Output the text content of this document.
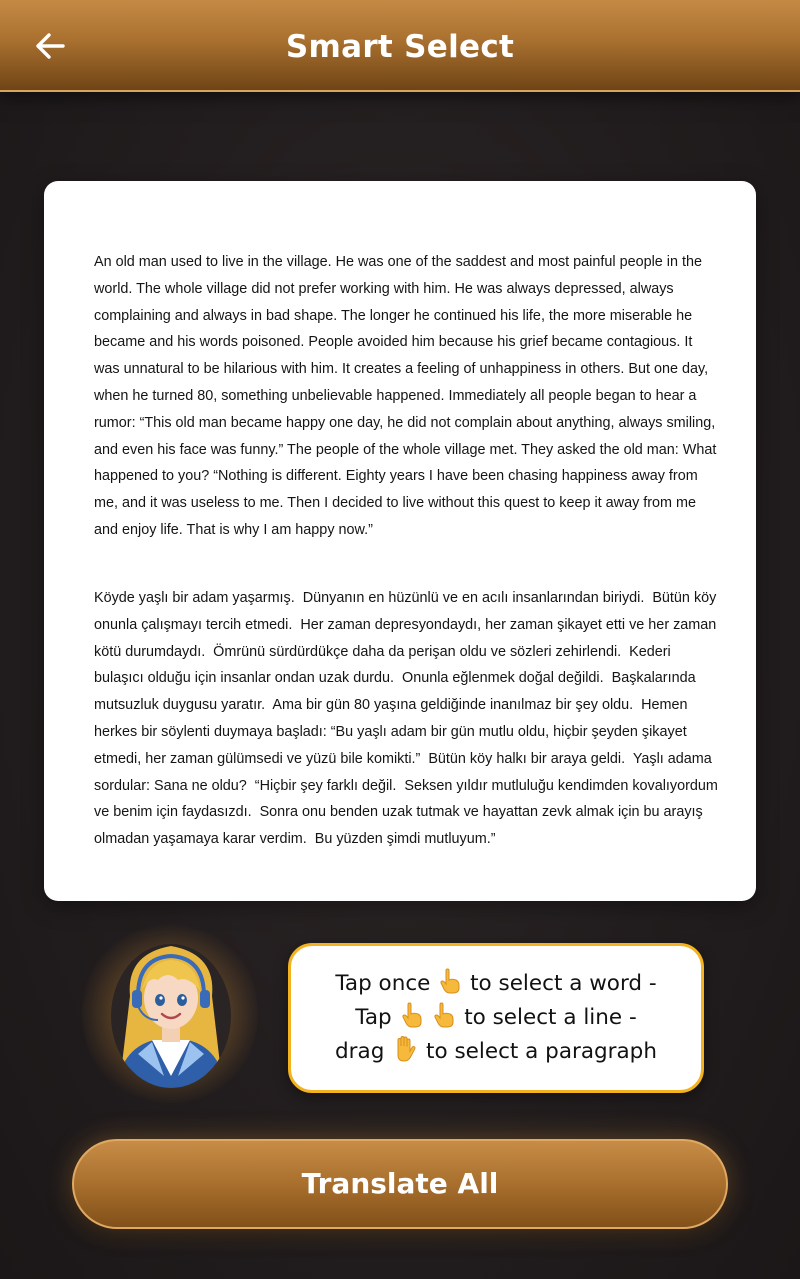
Smart Select

An old man used to live in the village. He was one of the saddest and most painful people in the world. The whole village did not prefer working with him. He was always depressed, always complaining and always in bad shape. The longer he continued his life, the more miserable he became and his words poisoned. People avoided him because his grief became contagious. It was unnatural to be hilarious with him. It creates a feeling of unhappiness in others. But one day, when he turned 80, something unbelievable happened. Immediately all people began to hear a rumor: “This old man became happy one day, he did not complain about anything, always smiling, and even his face was funny.” The people of the whole village met. They asked the old man: What happened to you? “Nothing is different. Eighty years I have been chasing happiness away from me, and it was useless to me. Then I decided to live without this quest to keep it away from me and enjoy life. That is why I am happy now.”

Köyde yaşlı bir adam yaşarmış.  Dünyanın en hüzünlü ve en acılı insanlarından biriydi.  Bütün köy onunla çalışmayı tercih etmedi.  Her zaman depresyondaydı, her zaman şikayet etti ve her zaman kötü durumdaydı.  Ömrünü sürdürdükçe daha da perişan oldu ve sözleri zehirlendi.  Kederi bulaşıcı olduğu için insanlar ondan uzak durdu.  Onunla eğlenmek doğal değildi.  Başkalarında mutsuzluk duygusu yaratır.  Ama bir gün 80 yaşına geldiğinde inanılmaz bir şey oldu.  Hemen herkes bir söylenti duymaya başladı: “Bu yaşlı adam bir gün mutlu oldu, hiçbir şeyden şikayet etmedi, her zaman gülümsedi ve yüzü bile komikti.”  Bütün köy halkı bir araya geldi.  Yaşlı adama sordular: Sana ne oldu?  “Hiçbir şey farklı değil.  Seksen yıldır mutluluğu kendimden kovalıyordum ve benim için faydasızdı.  Sonra onu benden uzak tutmak ve hayattan zevk almak için bu arayış olmadan yaşamaya karar verdim.  Bu yüzden şimdi mutluyum.”

Tap once to select a word -
Tap	to select a line -
drag to select a paragraph
Translate All
